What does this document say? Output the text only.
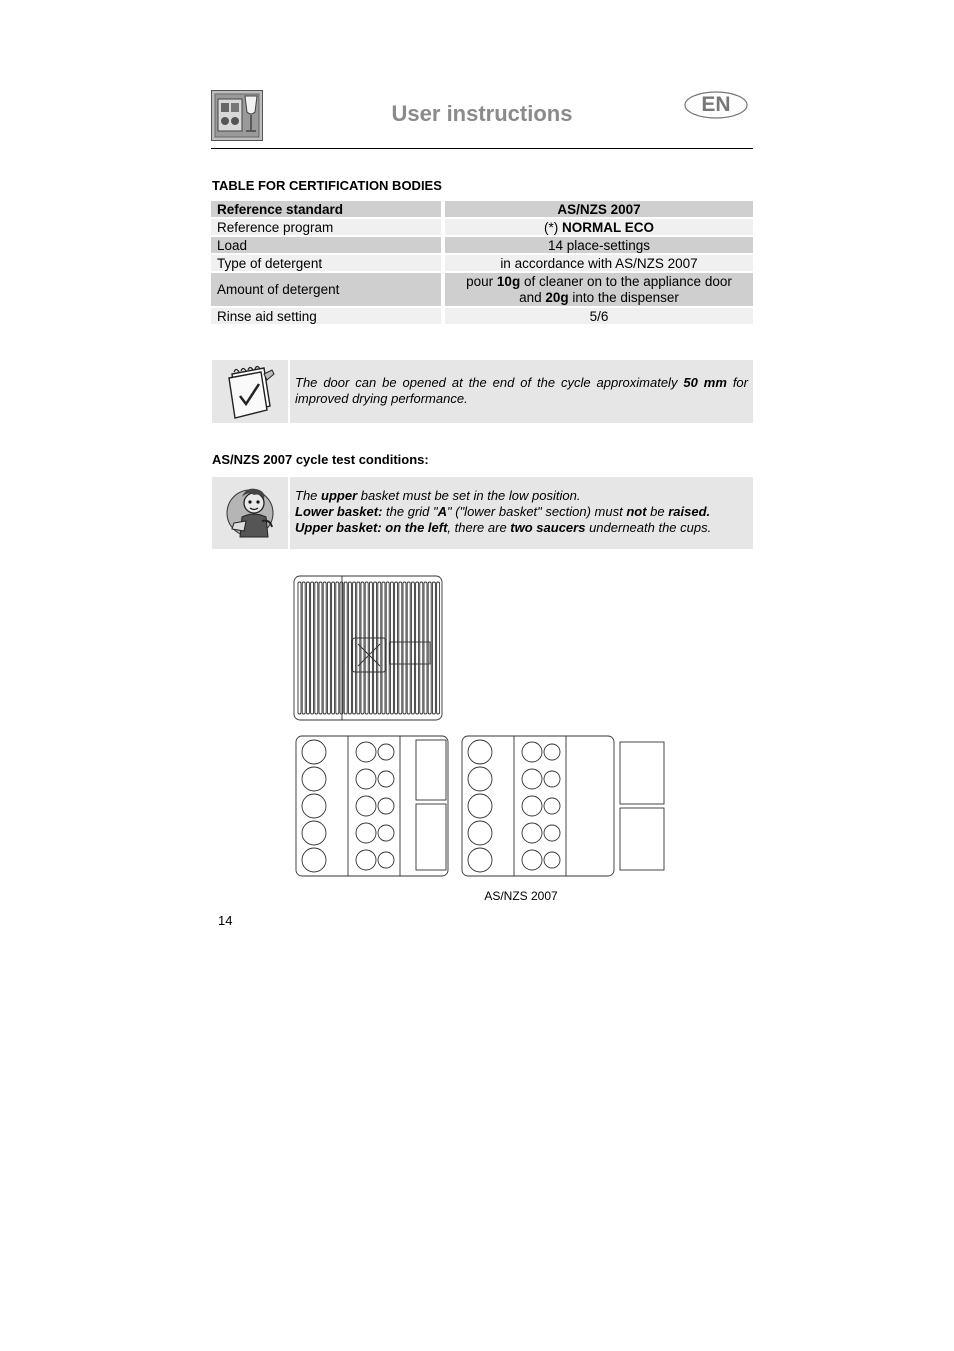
User instructions	EN
TABLE FOR CERTIFICATION BODIES
Reference standard		AS/NZS 2007
Reference program		(*) NORMAL ECO
Load		14 place-settings
Type of detergent		in accordance with AS/NZS 2007
Amount of detergent		pour 10g of cleaner on to the appliance door
and 20g into the dispenser
Rinse aid setting		5/6
The door can be opened at the end of the cycle approximately 50 mm for improved drying performance.
AS/NZS 2007 cycle test conditions:
The upper basket must be set in the low position.
Lower basket: the grid "A" ("lower basket" section) must not be raised.
Upper basket: on the left, there are two saucers underneath the cups.
AS/NZS 2007
14
